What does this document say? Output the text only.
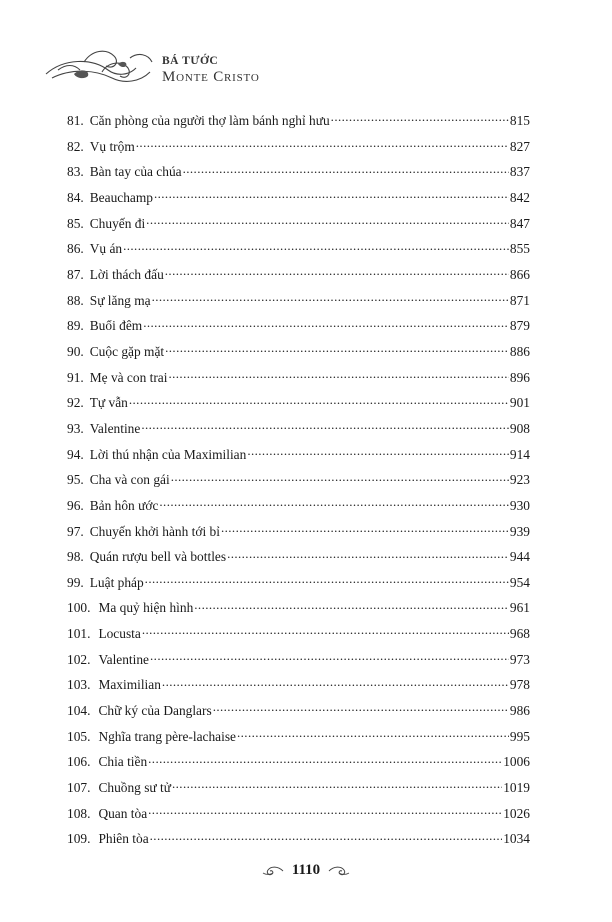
BÁ TƯỚC
Monte Cristo
81. Căn phòng của người thợ làm bánh nghỉ hưu .....	815
82. Vụ trộm .....	827
83. Bàn tay của chúa .....	837
84. Beauchamp .....	842
85. Chuyến đi .....	847
86. Vụ án .....	855
87. Lời thách đấu .....	866
88. Sự lăng mạ .....	871
89. Buổi đêm .....	879
90. Cuộc gặp mặt .....	886
91. Mẹ và con trai .....	896
92. Tự vẫn .....	901
93. Valentine .....	908
94. Lời thú nhận của Maximilian .....	914
95. Cha và con gái .....	923
96. Bản hôn ước .....	930
97. Chuyến khởi hành tới bỉ .....	939
98. Quán rượu bell và bottles .....	944
99. Luật pháp .....	954
100. Ma quỷ hiện hình .....	961
101. Locusta .....	968
102. Valentine .....	973
103. Maximilian .....	978
104. Chữ ký của Danglars .....	986
105. Nghĩa trang père-lachaise .....	995
106. Chia tiền .....	1006
107. Chuồng sư tử .....	1019
108. Quan tòa .....	1026
109. Phiên tòa .....	1034
1110
